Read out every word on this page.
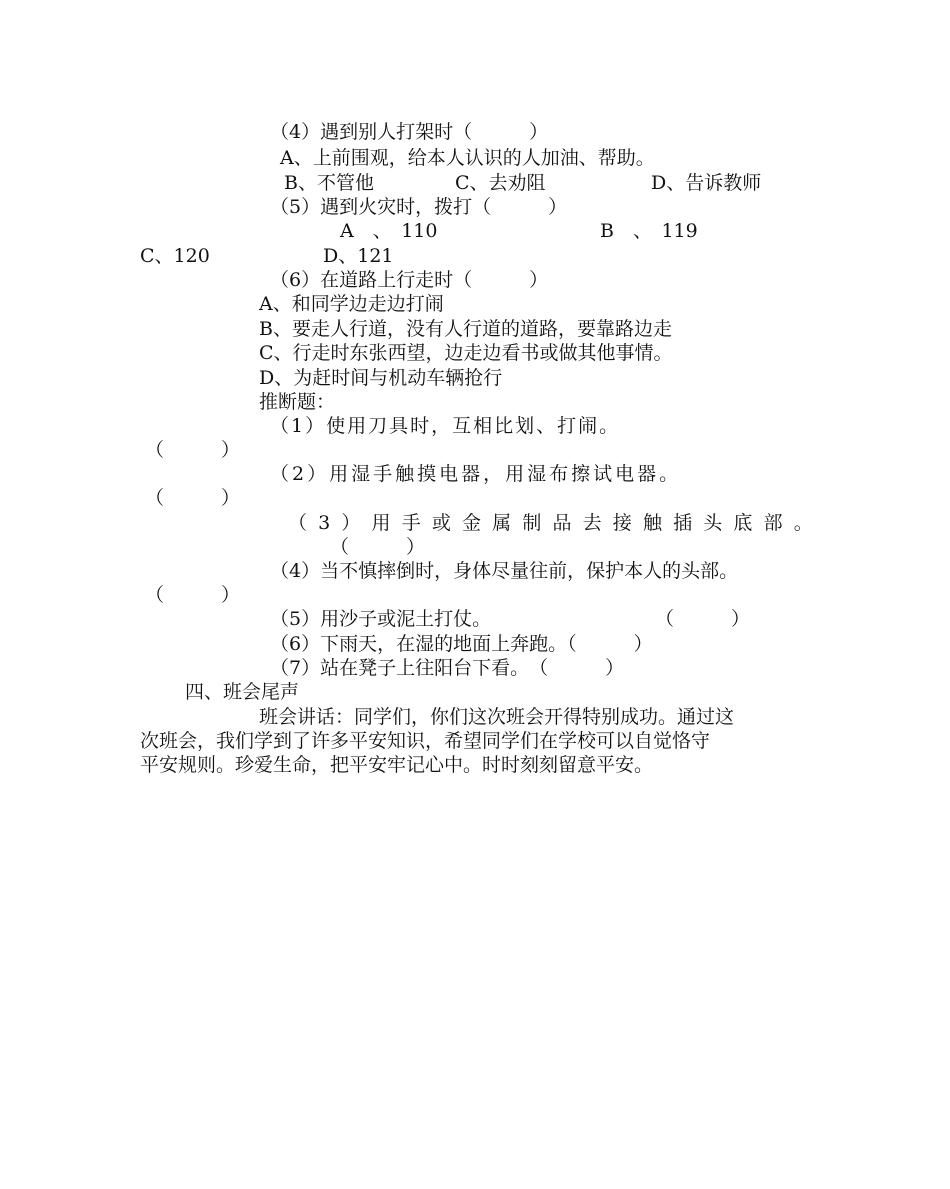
（4）遇到别人打架时（　　　）
A、上前围观，给本人认识的人加油、帮助。
B、不管他	C、去劝阻	D、告诉教师
（5）遇到火灾时，拨打（　　　）
A　、　110	B　、　119
C、120	D、121
（6）在道路上行走时（　　　）
A、和同学边走边打闹
B、要走人行道，没有人行道的道路，要靠路边走
C、行走时东张西望，边走边看书或做其他事情。
D、为赶时间与机动车辆抢行
推断题：
（1）使用刀具时，互相比划、打闹。
（　　　）
（2）用湿手触摸电器，用湿布擦试电器。
（　　　）
（ 3 ） 用 手 或 金 属 制 品 去 接 触 插 头 底 部 。
（　　　）
（4）当不慎摔倒时，身体尽量往前，保护本人的头部。
（　　　）
（5）用沙子或泥土打仗。	（　　　）
（6）下雨天，在湿的地面上奔跑。（　　　）
（7）站在凳子上往阳台下看。　（　　　）
四、班会尾声
班会讲话：同学们，你们这次班会开得特别成功。通过这
次班会，我们学到了许多平安知识，希望同学们在学校可以自觉恪守
平安规则。珍爱生命，把平安牢记心中。时时刻刻留意平安。
